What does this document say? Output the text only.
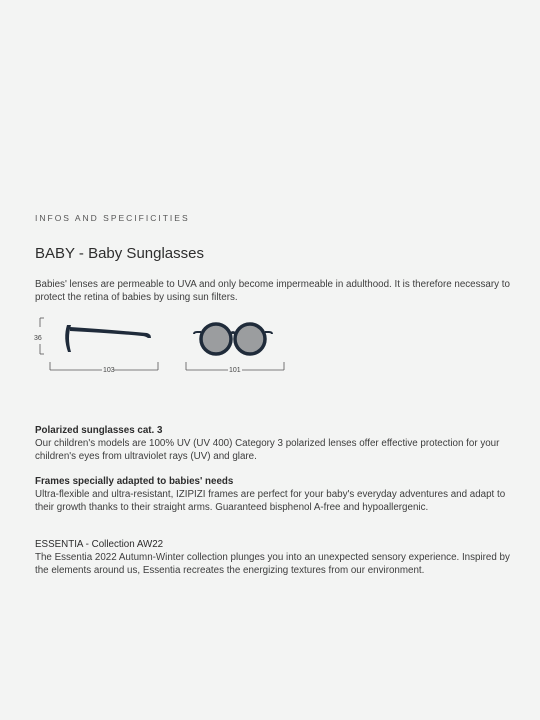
INFOS AND SPECIFICITIES
BABY - Baby Sunglasses

Babies' lenses are permeable to UVA and only become impermeable in adulthood. It is therefore necessary to protect the retina of babies by using sun filters.

36
103	101
Polarized sunglasses cat. 3

Our children's models are 100% UV (UV 400) Category 3 polarized lenses offer effective protection for your children's eyes from ultraviolet rays (UV) and glare.

Frames specially adapted to babies' needs

Ultra-flexible and ultra-resistant, IZIPIZI frames are perfect for your baby's everyday adventures and adapt to their growth thanks to their straight arms. Guaranteed bisphenol A-free and hypoallergenic.

ESSENTIA - Collection AW22

The Essentia 2022 Autumn-Winter collection plunges you into an unexpected sensory experience. Inspired by the elements around us, Essentia recreates the energizing textures from our environment.
